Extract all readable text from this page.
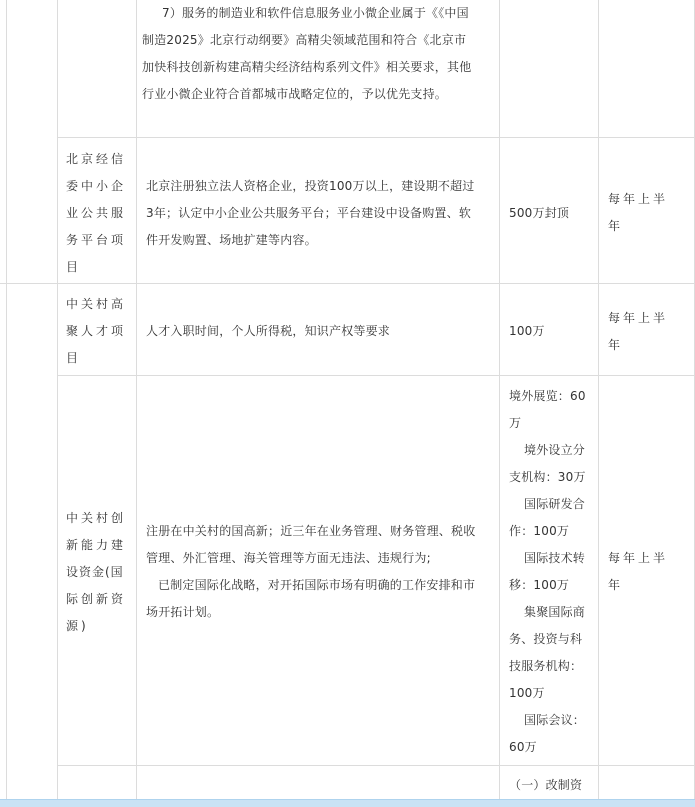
7）服务的制造业和软件信息服务业小微企业属于《《中国
制造2025》北京行动纲要》高精尖领域范围和符合《北京市
加快科技创新构建高精尖经济结构系列文件》相关要求，其他
行业小微企业符合首都城市战略定位的，予以优先支持。
北京经信
委中小企
业公共服
务平台项
目
北京注册独立法人资格企业，投资100万以上，建设期不超过
3年；认定中小企业公共服务平台；平台建设中设备购置、软
件开发购置、场地扩建等内容。
500万封顶
每年上半
年
中关村高
聚人才项
目
人才入职时间，个人所得税，知识产权等要求	100万
每年上半
年
中关村创
新能力建
设资金(国
际创新资
源)
注册在中关村的国高新；近三年在业务管理、财务管理、税收
管理、外汇管理、海关管理等方面无违法、违规行为;
已制定国际化战略，对开拓国际市场有明确的工作安排和市
场开拓计划。
境外展览：60
万
境外设立分
支机构：30万
国际研发合
作：100万
国际技术转
移：100万
集聚国际商
务、投资与科
技服务机构：
100万
国际会议：
60万
每年上半
年
（一）改制资
